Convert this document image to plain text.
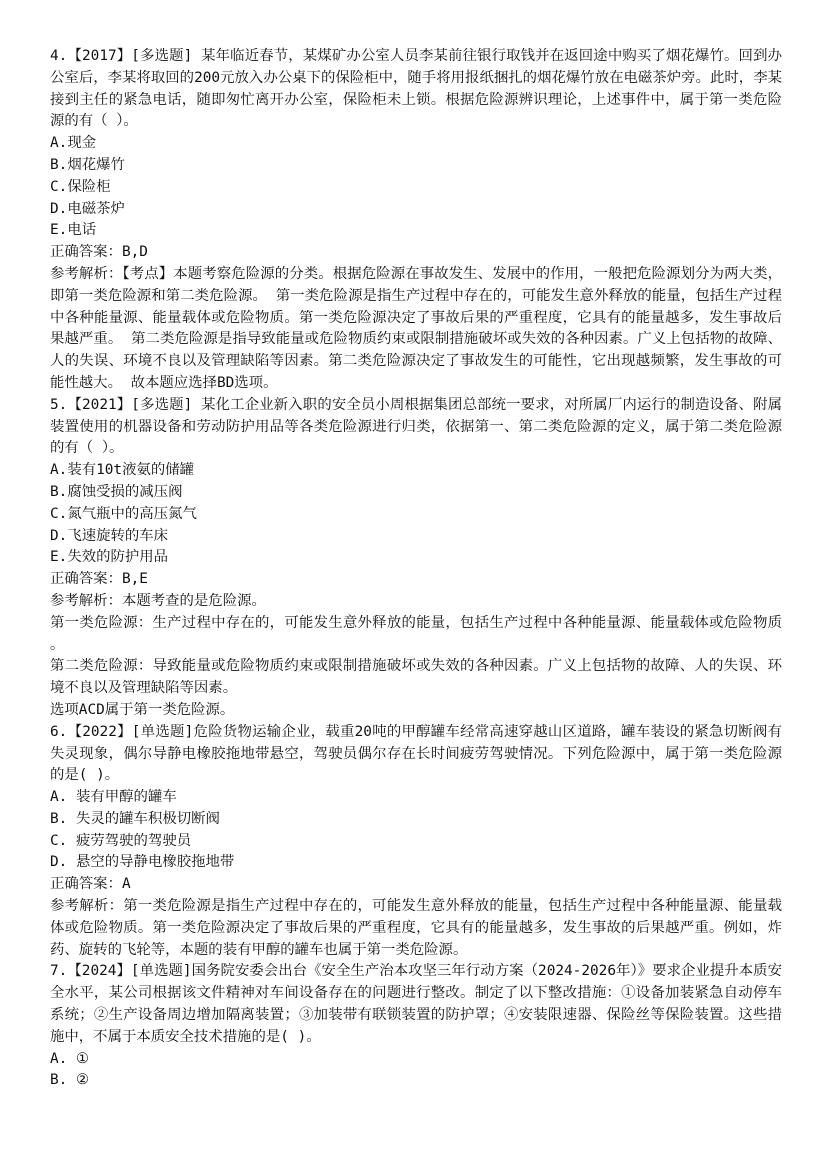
4.【2017】[多选题] 某年临近春节，某煤矿办公室人员李某前往银行取钱并在返回途中购买了烟花爆竹。回到办公室后，李某将取回的200元放入办公桌下的保险柜中，随手将用报纸捆扎的烟花爆竹放在电磁茶炉旁。此时，李某接到主任的紧急电话，随即匆忙离开办公室，保险柜未上锁。根据危险源辨识理论，上述事件中，属于第一类危险源的有（ ）。

A.现金

B.烟花爆竹

C.保险柜

D.电磁茶炉

E.电话

正确答案：B,D

参考解析：【考点】本题考察危险源的分类。根据危险源在事故发生、发展中的作用，一般把危险源划分为两大类，即第一类危险源和第二类危险源。 第一类危险源是指生产过程中存在的，可能发生意外释放的能量，包括生产过程中各种能量源、能量载体或危险物质。第一类危险源决定了事故后果的严重程度，它具有的能量越多，发生事故后果越严重。 第二类危险源是指导致能量或危险物质约束或限制措施破坏或失效的各种因素。广义上包括物的故障、人的失误、环境不良以及管理缺陷等因素。第二类危险源决定了事故发生的可能性，它出现越频繁，发生事故的可能性越大。 故本题应选择BD选项。

5.【2021】[多选题] 某化工企业新入职的安全员小周根据集团总部统一要求，对所属厂内运行的制造设备、附属装置使用的机器设备和劳动防护用品等各类危险源进行归类，依据第一、第二类危险源的定义，属于第二类危险源的有（ ）。

A.装有10t液氨的储罐

B.腐蚀受损的减压阀

C.氮气瓶中的高压氮气

D.飞速旋转的车床

E.失效的防护用品

正确答案：B,E

参考解析：本题考查的是危险源。

第一类危险源：生产过程中存在的，可能发生意外释放的能量，包括生产过程中各种能量源、能量载体或危险物质。

第二类危险源：导致能量或危险物质约束或限制措施破坏或失效的各种因素。广义上包括物的故障、人的失误、环境不良以及管理缺陷等因素。

选项ACD属于第一类危险源。

6.【2022】[单选题]危险货物运输企业，载重20吨的甲醇罐车经常高速穿越山区道路，罐车装设的紧急切断阀有失灵现象，偶尔导静电橡胶拖地带悬空，驾驶员偶尔存在长时间疲劳驾驶情况。下列危险源中，属于第一类危险源的是( )。

A. 装有甲醇的罐车

B. 失灵的罐车积极切断阀

C. 疲劳驾驶的驾驶员

D. 悬空的导静电橡胶拖地带

正确答案：A

参考解析：第一类危险源是指生产过程中存在的，可能发生意外释放的能量，包括生产过程中各种能量源、能量载体或危险物质。第一类危险源决定了事故后果的严重程度，它具有的能量越多，发生事故的后果越严重。例如，炸药、旋转的飞轮等，本题的装有甲醇的罐车也属于第一类危险源。

7.【2024】[单选题]国务院安委会出台《安全生产治本攻坚三年行动方案（2024-2026年）》要求企业提升本质安全水平，某公司根据该文件精神对车间设备存在的问题进行整改。制定了以下整改措施：①设备加装紧急自动停车系统；②生产设备周边增加隔离装置；③加装带有联锁装置的防护罩；④安装限速器、保险丝等保险装置。这些措施中，不属于本质安全技术措施的是( )。

A. ①

B. ②
